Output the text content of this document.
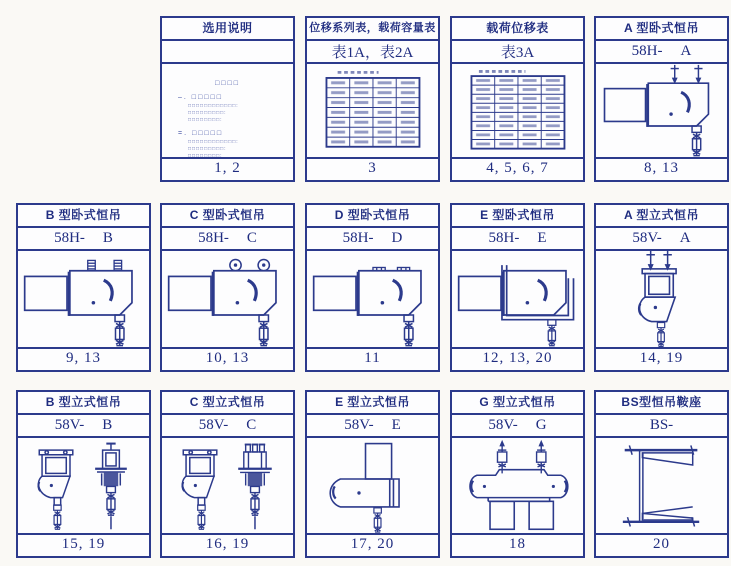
选用说明
□□□□
–. □□□□□
□□□□□□□□□□□□:
□□□□□□□□□:
□□□□□□□□:
=. □□□□□
□□□□□□□□□□□□:
□□□□□□□□□:
□□□□□□□□:
1, 2
位移系列表，载荷容量表
表1A，表2A
3
载荷位移表
表3A
4, 5, 6, 7
A 型卧式恒吊
58H- A
8, 13
B 型卧式恒吊
58H- B
9, 13
C 型卧式恒吊
58H- C
10, 13
D 型卧式恒吊
58H- D
11
E 型卧式恒吊
58H- E
12, 13, 20
A 型立式恒吊
58V- A
14, 19
B 型立式恒吊
58V- B
15, 19
C 型立式恒吊
58V- C
16, 19
E 型立式恒吊
58V- E
17, 20
G 型立式恒吊
58V- G
18
BS型恒吊鞍座
BS-
20
